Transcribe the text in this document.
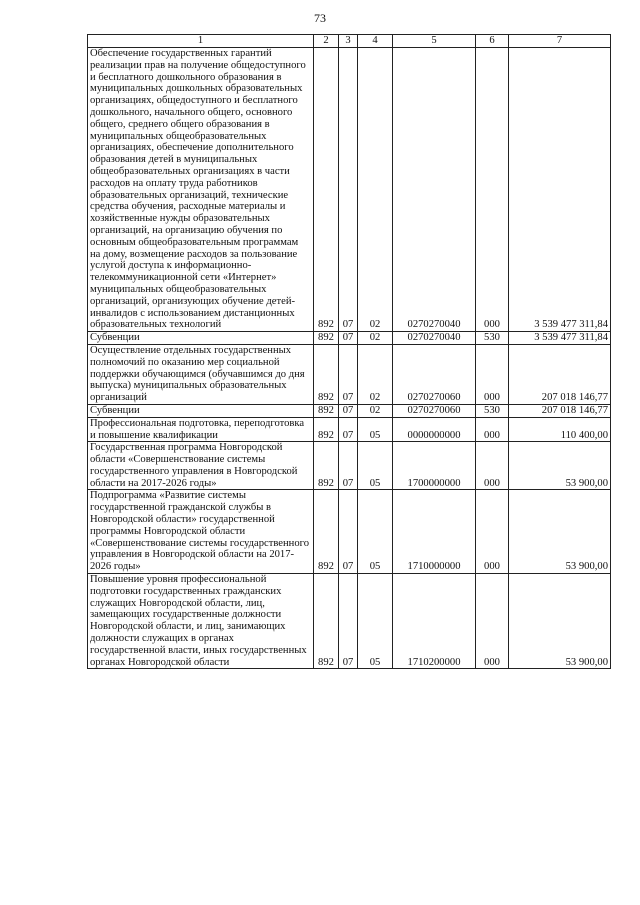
73
1	2	3	4	5	6	7
Обеспечение государственных гарантий реализации прав на получение общедоступного и бесплатного дошкольного образования в муниципальных дошкольных образовательных организациях, общедоступного и бесплатного дошкольного, начального общего, основного общего, среднего общего образования в муниципальных общеобразовательных организациях, обеспечение дополнительного образования детей в муниципальных общеобразовательных организациях в части расходов на оплату труда работников образовательных организаций, технические средства обучения, расходные материалы и хозяйственные нужды образовательных организаций, на организацию обучения по основным общеобразовательным программам на дому, возмещение расходов за пользование услугой доступа к информационно-телекоммуникационной сети «Интернет» муниципальных общеобразовательных организаций, организующих обучение детей-инвалидов с использованием дистанционных образовательных технологий	892	07	02	0270270040	000	3 539 477 311,84
Субвенции	892	07	02	0270270040	530	3 539 477 311,84
Осуществление отдельных государственных полномочий по оказанию мер социальной поддержки обучающимся (обучавшимся до дня выпуска) муниципальных образовательных организаций	892	07	02	0270270060	000	207 018 146,77
Субвенции	892	07	02	0270270060	530	207 018 146,77
Профессиональная подготовка, переподготовка и повышение квалификации	892	07	05	0000000000	000	110 400,00
Государственная программа Новгородской области «Совершенствование системы государственного управления в Новгородской области на 2017-2026 годы»	892	07	05	1700000000	000	53 900,00
Подпрограмма «Развитие системы государственной гражданской службы в Новгородской области» государственной программы Новгородской области «Совершенствование системы государственного управления в Новгородской области на 2017-2026 годы»	892	07	05	1710000000	000	53 900,00
Повышение уровня профессиональной подготовки государственных гражданских служащих Новгородской области, лиц, замещающих государственные должности Новгородской области, и лиц, занимающих должности служащих в органах государственной власти, иных государственных органах Новгородской области	892	07	05	1710200000	000	53 900,00
